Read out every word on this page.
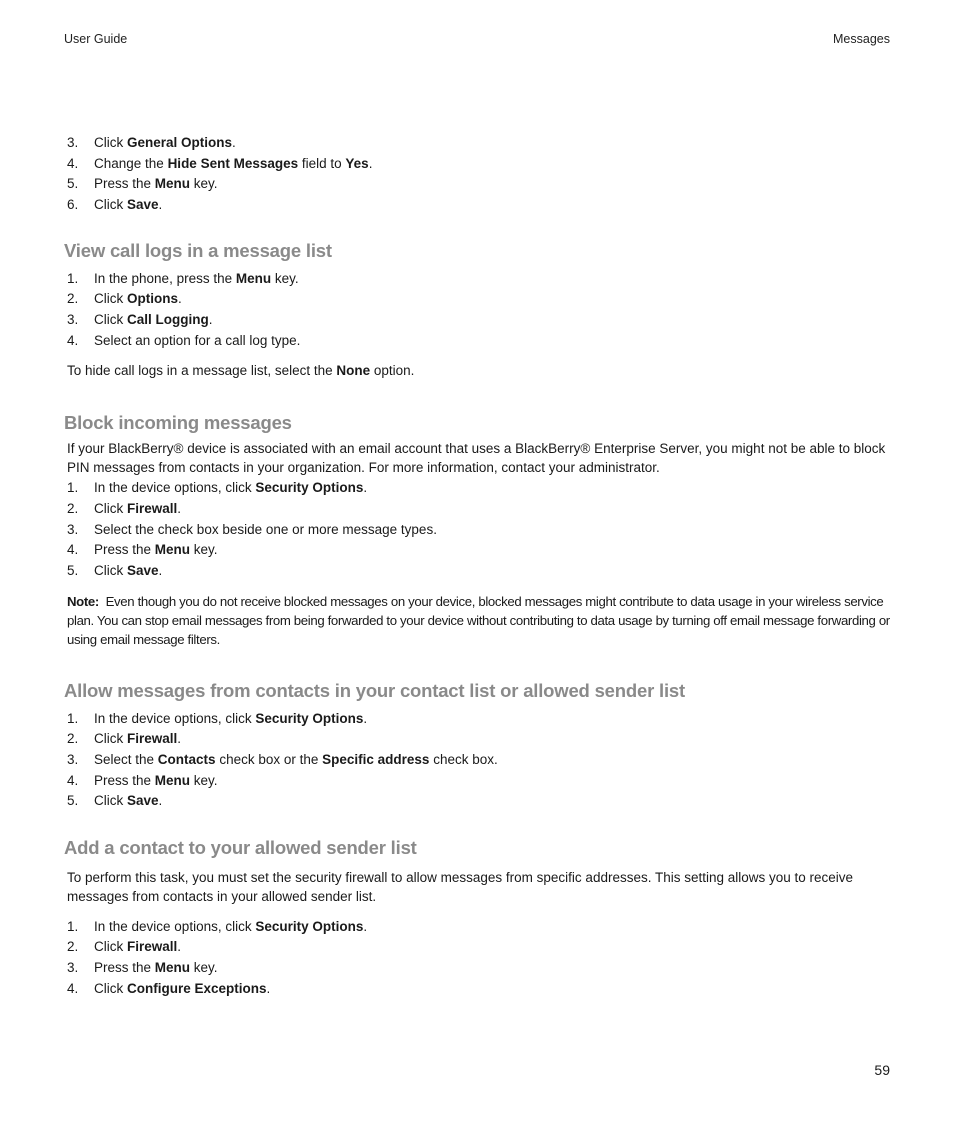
User Guide	Messages
3.	Click General Options.
4.	Change the Hide Sent Messages field to Yes.
5.	Press the Menu key.
6.	Click Save.
View call logs in a message list
1.	In the phone, press the Menu key.
2.	Click Options.
3.	Click Call Logging.
4.	Select an option for a call log type.

To hide call logs in a message list, select the None option.

Block incoming messages

If your BlackBerry® device is associated with an email account that uses a BlackBerry® Enterprise Server, you might not be able to block PIN messages from contacts in your organization. For more information, contact your administrator.

1.	In the device options, click Security Options.
2.	Click Firewall.
3.	Select the check box beside one or more message types.
4.	Press the Menu key.
5.	Click Save.

Note: Even though you do not receive blocked messages on your device, blocked messages might contribute to data usage in your wireless service plan. You can stop email messages from being forwarded to your device without contributing to data usage by turning off email message forwarding or using email message filters.

Allow messages from contacts in your contact list or allowed sender list
1.	In the device options, click Security Options.
2.	Click Firewall.
3.	Select the Contacts check box or the Specific address check box.
4.	Press the Menu key.
5.	Click Save.
Add a contact to your allowed sender list

To perform this task, you must set the security firewall to allow messages from specific addresses. This setting allows you to receive messages from contacts in your allowed sender list.

1.	In the device options, click Security Options.
2.	Click Firewall.
3.	Press the Menu key.
4.	Click Configure Exceptions.
59
